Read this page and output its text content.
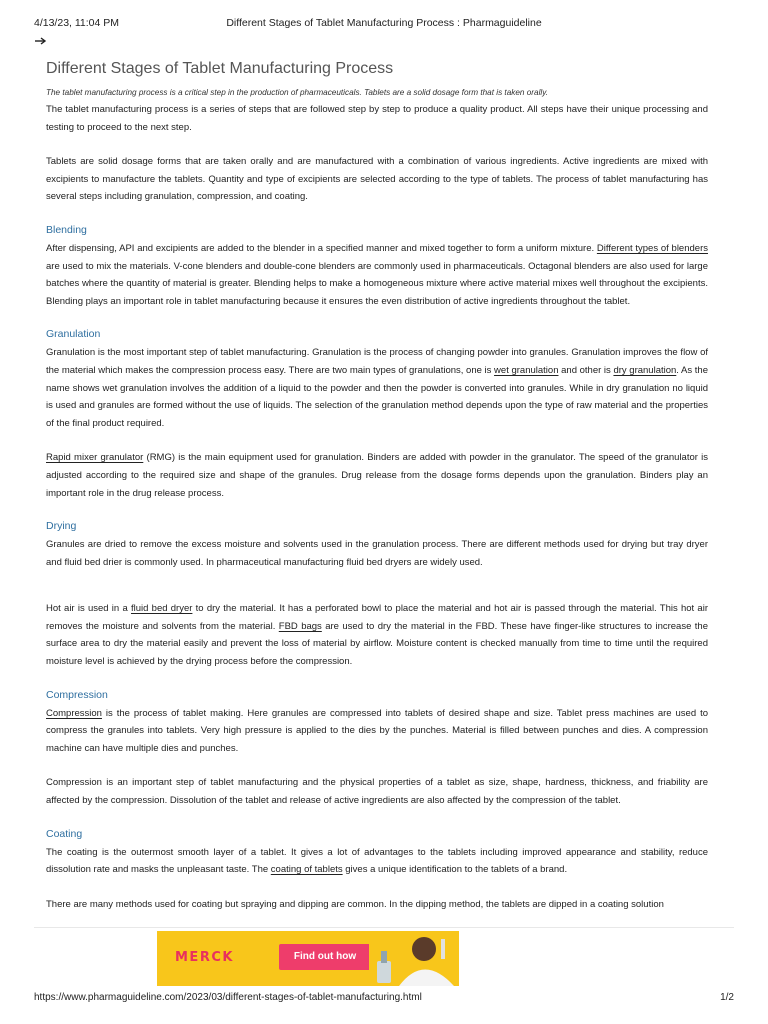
4/13/23, 11:04 PM	Different Stages of Tablet Manufacturing Process : Pharmaguideline
Different Stages of Tablet Manufacturing Process
The tablet manufacturing process is a critical step in the production of pharmaceuticals. Tablets are a solid dosage form that is taken orally.

The tablet manufacturing process is a series of steps that are followed step by step to produce a quality product. All steps have their unique processing and testing to proceed to the next step.

Tablets are solid dosage forms that are taken orally and are manufactured with a combination of various ingredients. Active ingredients are mixed with excipients to manufacture the tablets. Quantity and type of excipients are selected according to the type of tablets. The process of tablet manufacturing has several steps including granulation, compression, and coating.

Blending

After dispensing, API and excipients are added to the blender in a specified manner and mixed together to form a uniform mixture. Different types of blenders are used to mix the materials. V-cone blenders and double-cone blenders are commonly used in pharmaceuticals. Octagonal blenders are also used for large batches where the quantity of material is greater. Blending helps to make a homogeneous mixture where active material mixes well throughout the excipients. Blending plays an important role in tablet manufacturing because it ensures the even distribution of active ingredients throughout the tablet.

Granulation

Granulation is the most important step of tablet manufacturing. Granulation is the process of changing powder into granules. Granulation improves the flow of the material which makes the compression process easy. There are two main types of granulations, one is wet granulation and other is dry granulation. As the name shows wet granulation involves the addition of a liquid to the powder and then the powder is converted into granules. While in dry granulation no liquid is used and granules are formed without the use of liquids. The selection of the granulation method depends upon the type of raw material and the properties of the final product required.

Rapid mixer granulator (RMG) is the main equipment used for granulation. Binders are added with powder in the granulator. The speed of the granulator is adjusted according to the required size and shape of the granules. Drug release from the dosage forms depends upon the granulation. Binders play an important role in the drug release process.

Drying

Granules are dried to remove the excess moisture and solvents used in the granulation process. There are different methods used for drying but tray dryer and fluid bed drier is commonly used. In pharmaceutical manufacturing fluid bed dryers are widely used.

Hot air is used in a fluid bed dryer to dry the material. It has a perforated bowl to place the material and hot air is passed through the material. This hot air removes the moisture and solvents from the material. FBD bags are used to dry the material in the FBD. These have finger-like structures to increase the surface area to dry the material easily and prevent the loss of material by airflow. Moisture content is checked manually from time to time until the required moisture level is achieved by the drying process before the compression.

Compression

Compression is the process of tablet making. Here granules are compressed into tablets of desired shape and size. Tablet press machines are used to compress the granules into tablets. Very high pressure is applied to the dies by the punches. Material is filled between punches and dies. A compression machine can have multiple dies and punches.

Compression is an important step of tablet manufacturing and the physical properties of a tablet as size, shape, hardness, thickness, and friability are affected by the compression. Dissolution of the tablet and release of active ingredients are also affected by the compression of the tablet.

Coating

The coating is the outermost smooth layer of a tablet. It gives a lot of advantages to the tablets including improved appearance and stability, reduce dissolution rate and masks the unpleasant taste. The coating of tablets gives a unique identification to the tablets of a brand.

There are many methods used for coating but spraying and dipping are common. In the dipping method, the tablets are dipped in a coating solution

MERCK	Find out how
https://www.pharmaguideline.com/2023/03/different-stages-of-tablet-manufacturing.html	1/2
